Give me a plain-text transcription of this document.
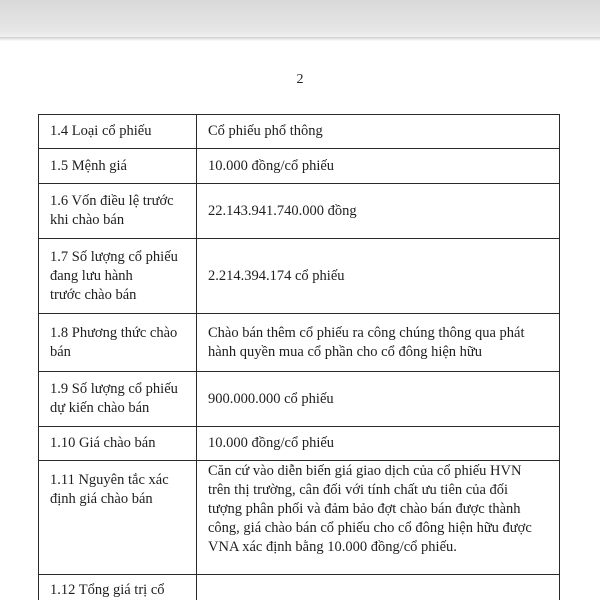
2
1.4 Loại cổ phiếu	Cổ phiếu phổ thông

1.5 Mệnh giá	10.000 đồng/cổ phiếu

1.6 Vốn điều lệ trước
khi chào bán	22.143.941.740.000 đồng

1.7 Số lượng cổ phiếu
đang lưu hành
trước chào bán	2.214.394.174 cổ phiếu

1.8 Phương thức chào
bán	Chào bán thêm cổ phiếu ra công chúng thông qua phát
hành quyền mua cổ phần cho cổ đông hiện hữu

1.9 Số lượng cổ phiếu
dự kiến chào bán	900.000.000 cổ phiếu

1.10 Giá chào bán	10.000 đồng/cổ phiếu

1.11 Nguyên tắc xác
định giá chào bán	Căn cứ vào diễn biến giá giao dịch của cổ phiếu HVN
trên thị trường, cân đối với tính chất ưu tiên của đối
tượng phân phối và đảm bảo đợt chào bán được thành
công, giá chào bán cổ phiếu cho cổ đông hiện hữu được
VNA xác định bằng 10.000 đồng/cổ phiếu.

1.12 Tổng giá trị cổ	
